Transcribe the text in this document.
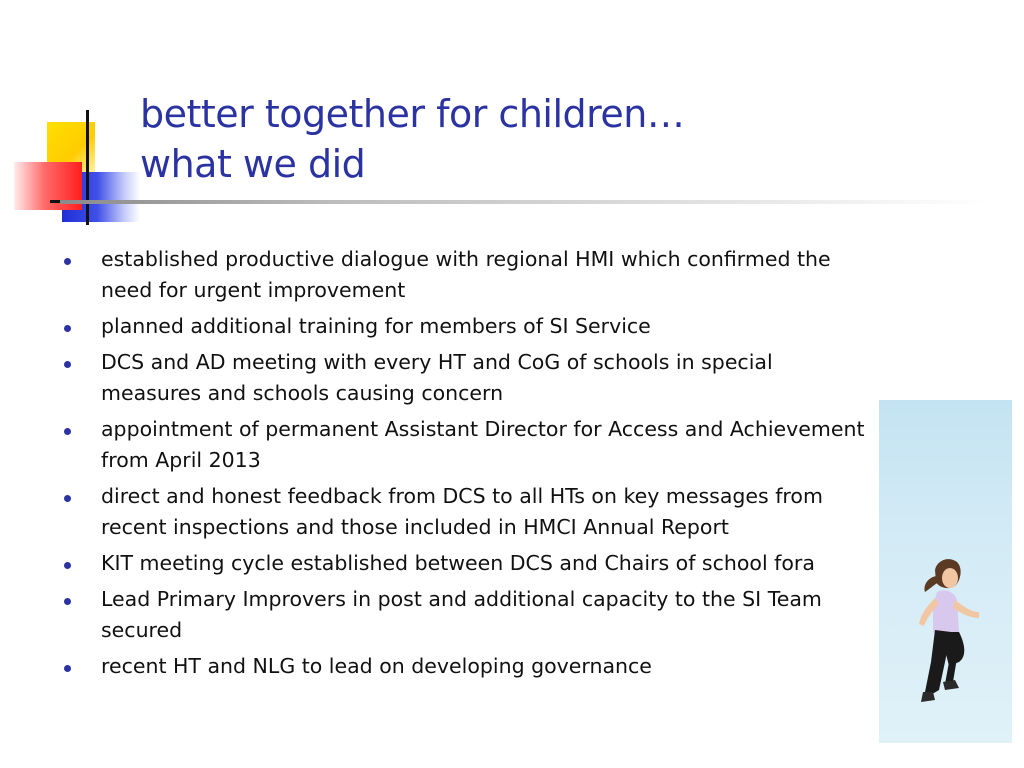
better together for children…
what we did
established productive dialogue with regional HMI which confirmed the need for urgent improvement
planned additional training for members of SI Service
DCS and AD meeting with every HT and CoG of schools in special measures and schools causing concern
appointment of permanent Assistant Director for Access and Achievement from April 2013
direct and honest feedback from DCS to all HTs on key messages from recent inspections and those included in HMCI Annual Report
KIT meeting cycle established between DCS and Chairs of school fora
Lead Primary Improvers in post and additional capacity to the SI Team secured
recent HT and NLG to lead on developing governance
